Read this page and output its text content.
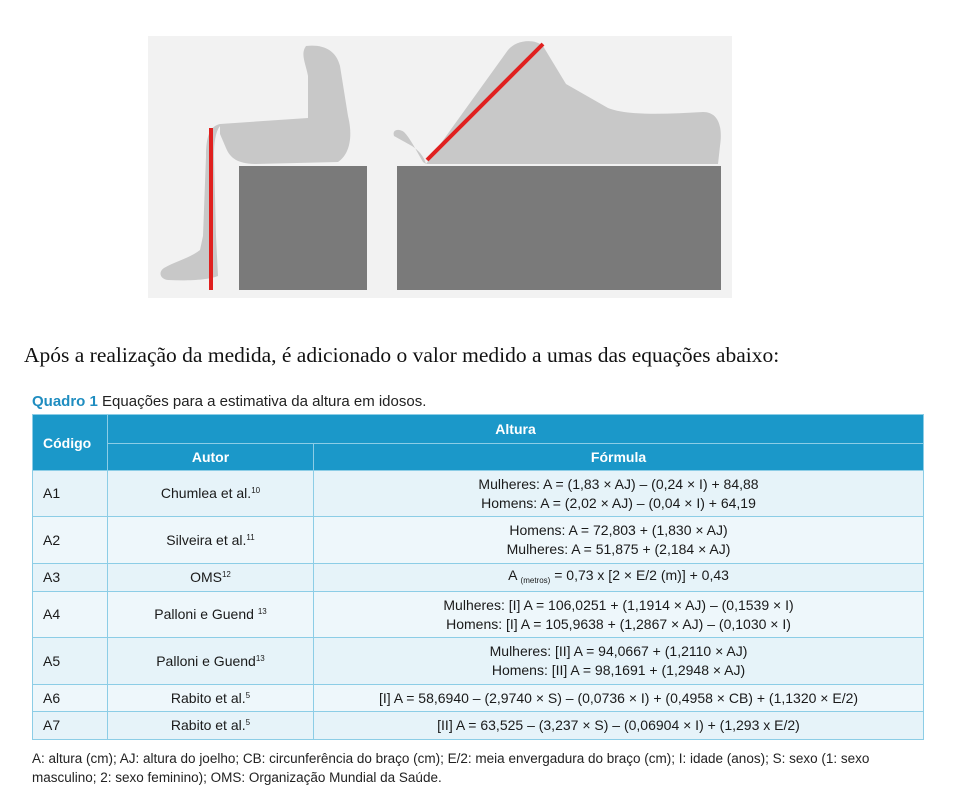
Após a realização da medida, é adicionado o valor medido a umas das equações abaixo:
Quadro 1 Equações para a estimativa da altura em idosos.
Código	Altura	
	Autor	Fórmula
A1	Chumlea et al.$^{10}$	Mulheres: A = (1,83 × AJ) – (0,24 × I) + 84,88
Homens: A = (2,02 × AJ) – (0,04 × I) + 64,19

A2	Silveira et al.$^{11}$	Homens: A = 72,803 + (1,830 × AJ)
Mulheres: A = 51,875 + (2,184 × AJ)

A3	OMS$^{12}$	A $_{(metros)}$ = 0,73 x [2 × E/2 (m)] + 0,43
A4	Palloni e Guend $^{13}$	Mulheres: [I] A = 106,0251 + (1,1914 × AJ) – (0,1539 × I)
Homens: [I] A = 105,9638 + (1,2867 × AJ) – (0,1030 × I)

A5	Palloni e Guend$^{13}$	Mulheres: [II] A = 94,0667 + (1,2110 × AJ)
Homens: [II] A = 98,1691 + (1,2948 × AJ)

A6	Rabito et al.$^5$	[I] A = 58,6940 – (2,9740 × S) – (0,0736 × I) + (0,4958 × CB) + (1,1320 × E/2)

A7	Rabito et al.$^5$	[II] A = 63,525 – (3,237 × S) – (0,06904 × I) + (1,293 x E/2)
A: altura (cm); AJ: altura do joelho; CB: circunferência do braço (cm); E/2: meia envergadura do braço (cm); I: idade (anos); S: sexo (1: sexo masculino; 2: sexo feminino); OMS: Organização Mundial da Saúde.
